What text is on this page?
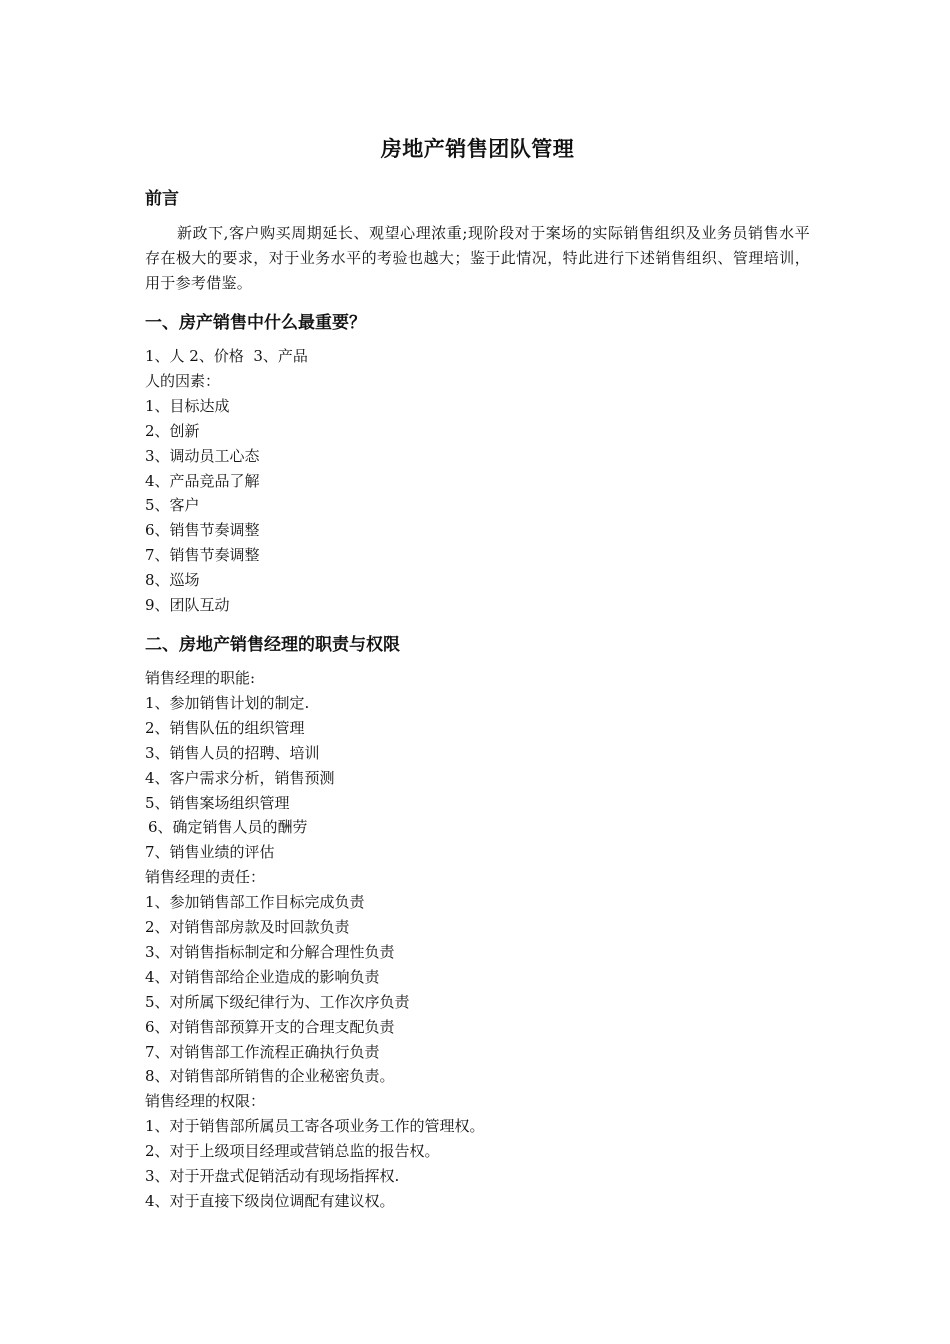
房地产销售团队管理
前言

新政下,客户购买周期延长、观望心理浓重;现阶段对于案场的实际销售组织及业务员销售水平存在极大的要求，对于业务水平的考验也越大；鉴于此情况，特此进行下述销售组织、管理培训，用于参考借鉴。

一、房产销售中什么最重要？

1、人 2、价格  3、产品

人的因素：

1、目标达成

2、创新

3、调动员工心态

4、产品竞品了解

5、客户

6、销售节奏调整

7、销售节奏调整

8、巡场

9、团队互动

二、房地产销售经理的职责与权限

销售经理的职能:

1、参加销售计划的制定.

2、销售队伍的组织管理

3、销售人员的招聘、培训

4、客户需求分析，销售预测

5、销售案场组织管理

6、确定销售人员的酬劳

7、销售业绩的评估

销售经理的责任：

1、参加销售部工作目标完成负责

2、对销售部房款及时回款负责

3、对销售指标制定和分解合理性负责

4、对销售部给企业造成的影响负责

5、对所属下级纪律行为、工作次序负责

6、对销售部预算开支的合理支配负责

7、对销售部工作流程正确执行负责

8、对销售部所销售的企业秘密负责。

销售经理的权限：

1、对于销售部所属员工寄各项业务工作的管理权。

2、对于上级项目经理或营销总监的报告权。

3、对于开盘式促销活动有现场指挥权.

4、对于直接下级岗位调配有建议权。
